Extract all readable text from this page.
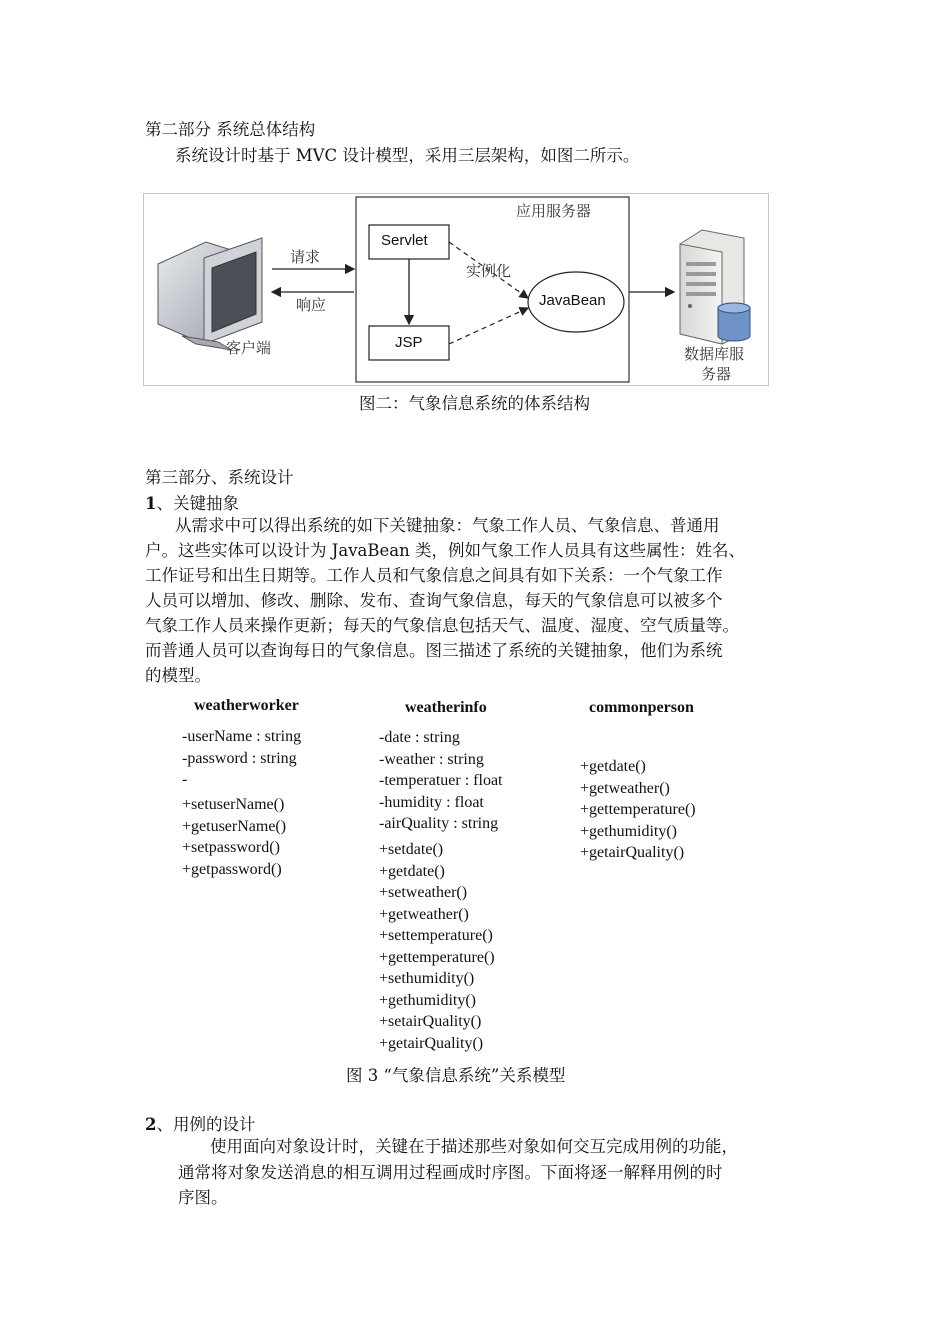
第二部分 系统总体结构
系统设计时基于 MVC 设计模型，采用三层架构，如图二所示。
应用服务器
Servlet
JSP
JavaBean
实例化
请求
响应
客户端	数据库服
务器
图二：气象信息系统的体系结构
第三部分、系统设计
1、关键抽象
从需求中可以得出系统的如下关键抽象：气象工作人员、气象信息、普通用
户。这些实体可以设计为 JavaBean 类，例如气象工作人员具有这些属性：姓名、
工作证号和出生日期等。工作人员和气象信息之间具有如下关系：一个气象工作
人员可以增加、修改、删除、发布、查询气象信息，每天的气象信息可以被多个
气象工作人员来操作更新；每天的气象信息包括天气、温度、湿度、空气质量等。
而普通人员可以查询每日的气象信息。图三描述了系统的关键抽象，他们为系统
的模型。
weatherworker
-userName : string
-password : string
-
+setuserName()
+getuserName()
+setpassword()
+getpassword()
weatherinfo
-date : string
-weather : string
-temperatuer : float
-humidity : float
-airQuality : string
+setdate()
+getdate()
+setweather()
+getweather()
+settemperature()
+gettemperature()
+sethumidity()
+gethumidity()
+setairQuality()
+getairQuality()
commonperson
+getdate()
+getweather()
+gettemperature()
+gethumidity()
+getairQuality()
图 3 “气象信息系统”关系模型
2、用例的设计
使用面向对象设计时，关键在于描述那些对象如何交互完成用例的功能，
通常将对象发送消息的相互调用过程画成时序图。下面将逐一解释用例的时
序图。
